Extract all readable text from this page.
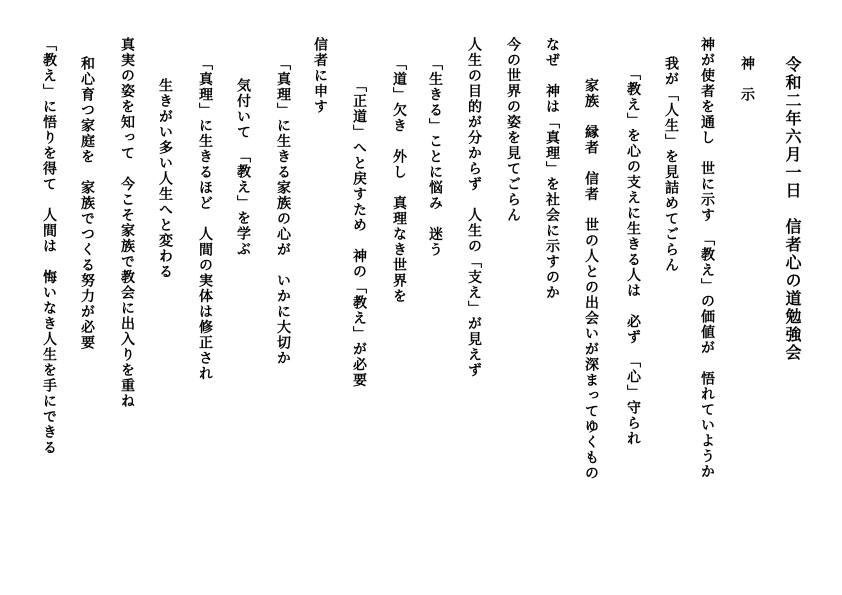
令和二年六月一日　信者心の道勉強会
神　示
神が使者を通し　世に示す　「教え」の価値が　悟れていようか
我が「人生」を見詰めてごらん
「教え」を心の支えに生きる人は　必ず　「心」守られ
家族　縁者　信者　世の人との出会いが深まってゆくもの
なぜ　神は「真理」を社会に示すのか
今の世界の姿を見てごらん
人生の目的が分からず　人生の「支え」が見えず
「生きる」ことに悩み　迷う
「道」欠き　外し　真理なき世界を
「正道」へと戻すため　神の「教え」が必要
信者に申す
「真理」に生きる家族の心が　いかに大切か
気付いて　「教え」を学ぶ
「真理」に生きるほど　人間の実体は修正され
生きがい多い人生へと変わる
真実の姿を知って　今こそ家族で教会に出入りを重ね
和心育つ家庭を　家族でつくる努力が必要
「教え」に悟りを得て　人間は　悔いなき人生を手にできる
